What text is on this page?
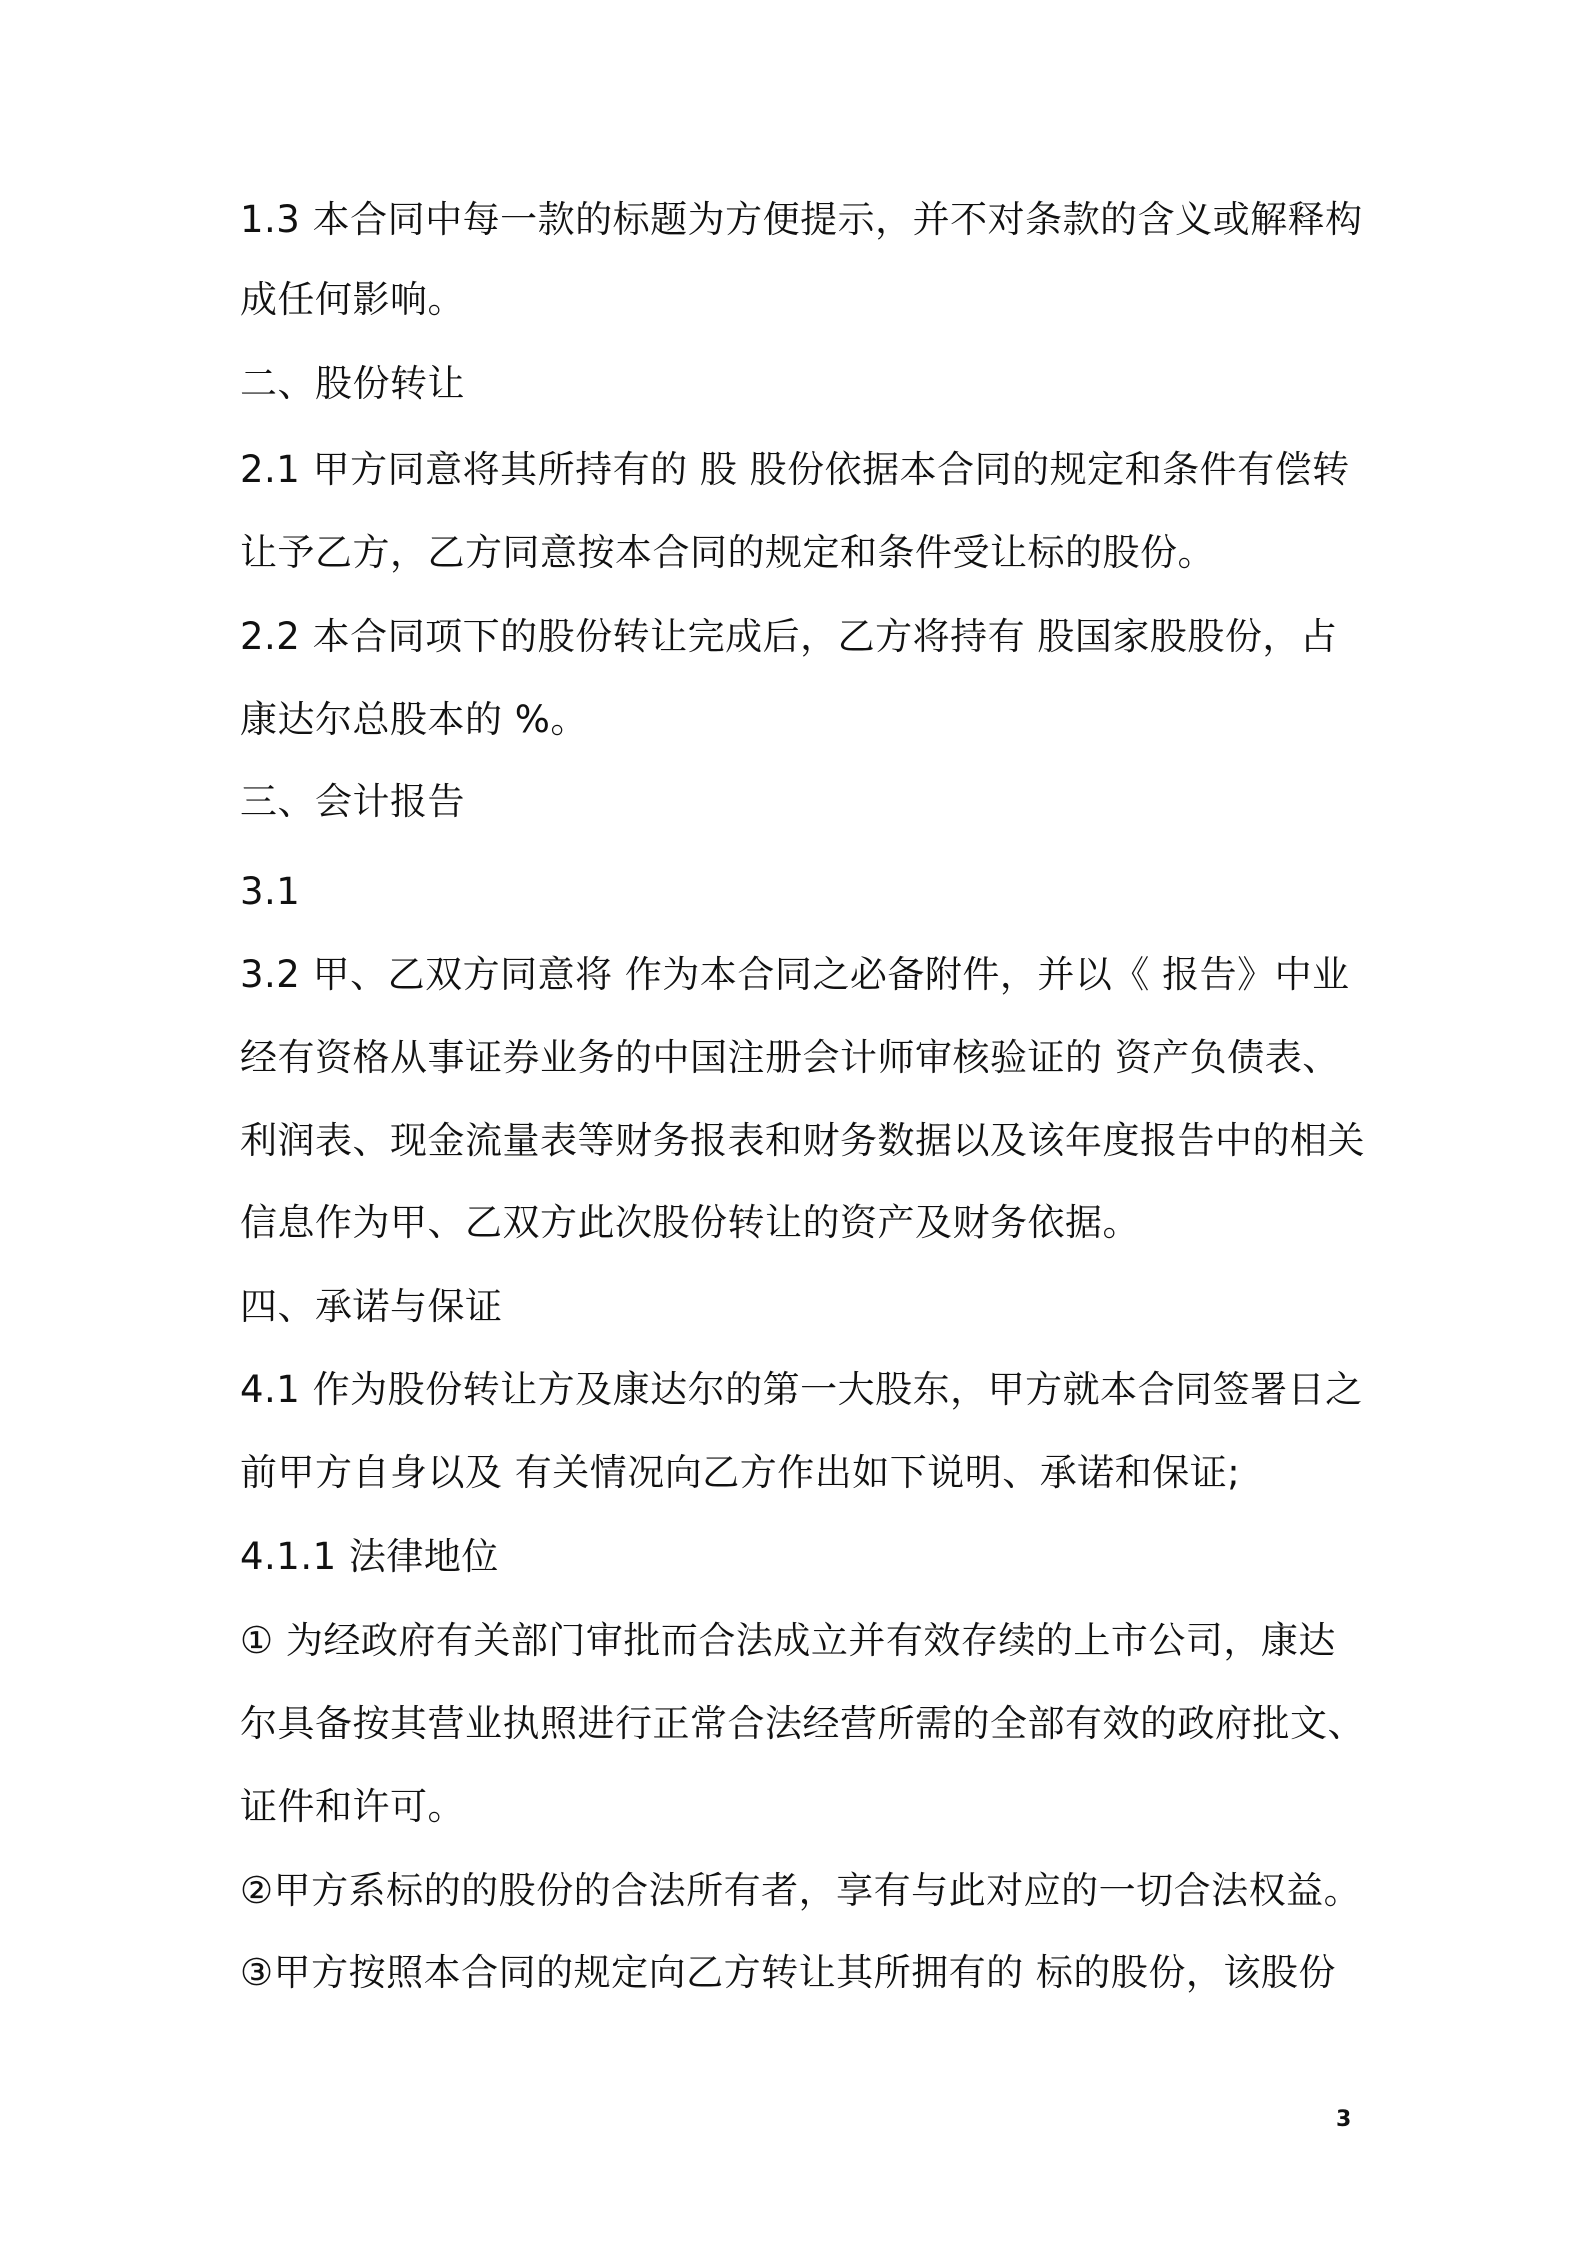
1.3 本合同中每一款的标题为方便提示，并不对条款的含义或解释构
成任何影响。
二、股份转让
2.1 甲方同意将其所持有的 股 股份依据本合同的规定和条件有偿转
让予乙方，乙方同意按本合同的规定和条件受让标的股份。
2.2 本合同项下的股份转让完成后，乙方将持有 股国家股股份，占
康达尔总股本的 %。
三、会计报告
3.1
3.2 甲、乙双方同意将 作为本合同之必备附件，并以《 报告》中业
经有资格从事证券业务的中国注册会计师审核验证的 资产负债表、
利润表、现金流量表等财务报表和财务数据以及该年度报告中的相关
信息作为甲、乙双方此次股份转让的资产及财务依据。
四、承诺与保证
4.1 作为股份转让方及康达尔的第一大股东，甲方就本合同签署日之
前甲方自身以及 有关情况向乙方作出如下说明、承诺和保证;
4.1.1 法律地位
① 为经政府有关部门审批而合法成立并有效存续的上市公司，康达
尔具备按其营业执照进行正常合法经营所需的全部有效的政府批文、
证件和许可。
②甲方系标的的股份的合法所有者，享有与此对应的一切合法权益。
③甲方按照本合同的规定向乙方转让其所拥有的 标的股份，该股份
3
